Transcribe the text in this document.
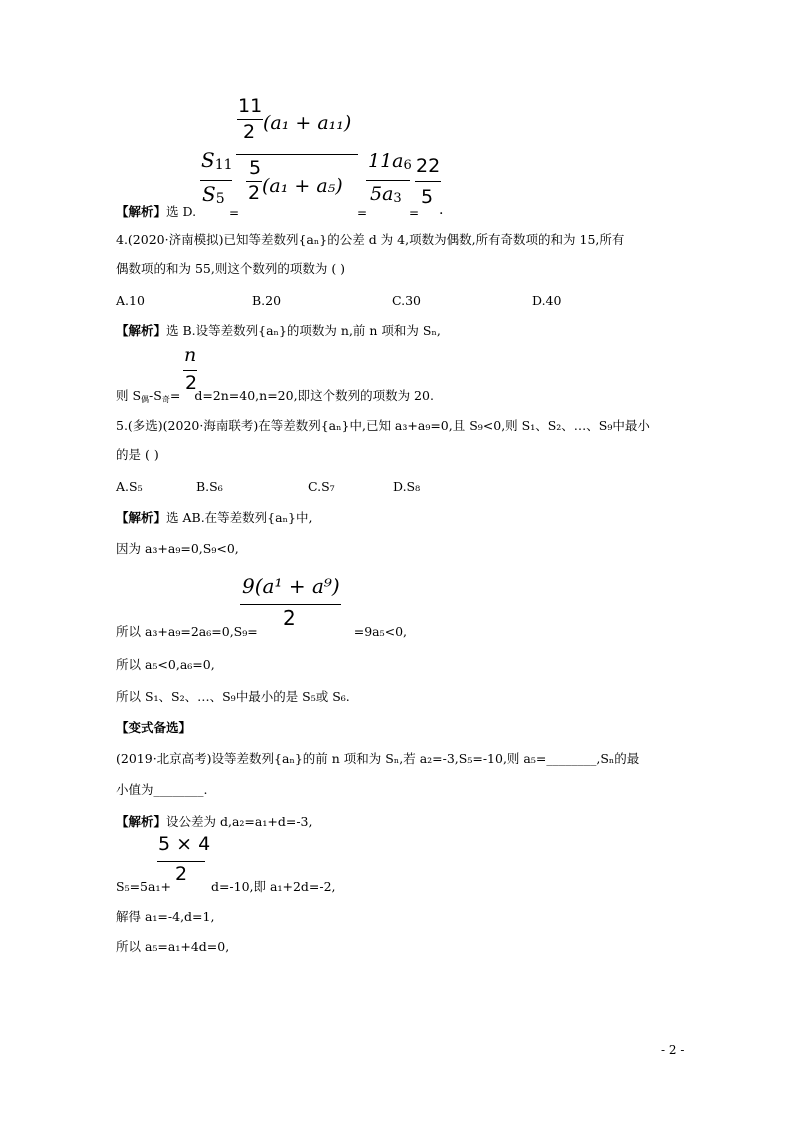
11
2 (a₁ + a₁₁)
$S_{11}$
$S_5$
5
2 (a₁ + a₅)
$11a_6$
$5a_3$
22
5
【解析】选 D.	=	=	= .
4.(2020·济南模拟)已知等差数列{aₙ}的公差 d 为 4,项数为偶数,所有奇数项的和为 15,所有
偶数项的和为 55,则这个数列的项数为 ( )
A.10	B.20	C.30	D.40
【解析】选 B.设等差数列{aₙ}的项数为 n,前 n 项和为 Sₙ,
n
2
则 $S_偶-S_奇= d=2n=40,n=20$,即这个数列的项数为 20.
5.(多选)(2020·海南联考)在等差数列{aₙ}中,已知 a₃+a₉=0,且 S₉<0,则 S₁、S₂、…、S₉中最小
的是 ( )
A.S₅	B.S₆	C.S₇	D.S₈
【解析】选 AB.在等差数列{aₙ}中,
因为 a₃+a₉=0,S₉<0,
9(a¹ + a⁹)
2
所以 a₃+a₉=2a₆=0,S₉=	=9a₅<0,
所以 a₅<0,a₆=0,
所以 S₁、S₂、…、S₉中最小的是 S₅或 S₆.
【变式备选】
(2019·北京高考)设等差数列{aₙ}的前 n 项和为 Sₙ,若 a₂=-3,S₅=-10,则 a₅=________,Sₙ的最
小值为________.
【解析】设公差为 d,a₂=a₁+d=-3,
5 × 4
2
S₅=5a₁+	d=-10,即 a₁+2d=-2,
解得 a₁=-4,d=1,
所以 a₅=a₁+4d=0,
- 2 -
